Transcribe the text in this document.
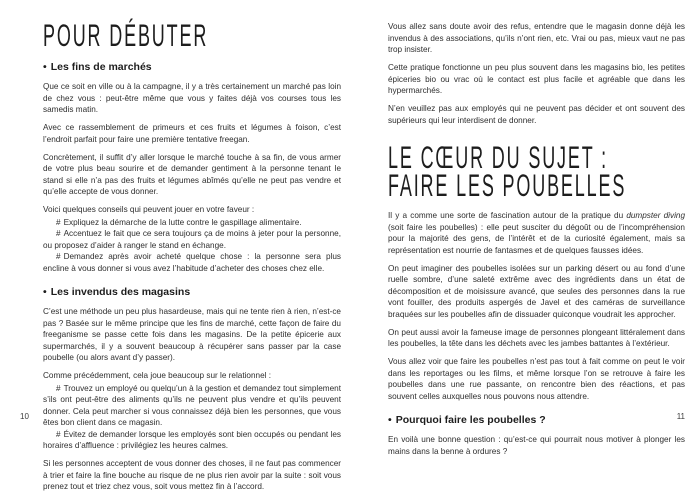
POUR DÉBUTER
• Les fins de marchés

Que ce soit en ville ou à la campagne, il y a très certainement un marché pas loin de chez vous : peut-être même que vous y faites déjà vos courses tous les samedis matin.

Avec ce rassemblement de primeurs et ces fruits et légumes à foison, c’est l’endroit parfait pour faire une première tentative freegan.

Concrètement, il suffit d’y aller lorsque le marché touche à sa fin, de vous armer de votre plus beau sourire et de demander gentiment à la personne tenant le stand si elle n’a pas des fruits et légumes abîmés qu’elle ne peut pas vendre et qu’elle accepte de vous donner.

Voici quelques conseils qui peuvent jouer en votre faveur :

# Expliquez la démarche de la lutte contre le gaspillage alimentaire.
# Accentuez le fait que ce sera toujours ça de moins à jeter pour la personne, ou proposez d’aider à ranger le stand en échange.
# Demandez après avoir acheté quelque chose : la personne sera plus encline à vous donner si vous avez l’habitude d’acheter des choses chez elle.
• Les invendus des magasins

C’est une méthode un peu plus hasardeuse, mais qui ne tente rien à rien, n’est-ce pas ? Basée sur le même principe que les fins de marché, cette façon de faire du freeganisme se passe cette fois dans les magasins. De la petite épicerie aux supermarchés, il y a souvent beaucoup à récupérer sans passer par la case poubelle (ou alors avant d’y passer).

Comme précédemment, cela joue beaucoup sur le relationnel :

# Trouvez un employé ou quelqu’un à la gestion et demandez tout simplement s’ils ont peut-être des aliments qu’ils ne peuvent plus vendre et qu’ils peuvent donner. Cela peut marcher si vous connaissez déjà bien les personnes, que vous êtes bon client dans ce magasin.
# Évitez de demander lorsque les employés sont bien occupés ou pendant les horaires d’affluence : privilégiez les heures calmes.

Si les personnes acceptent de vous donner des choses, il ne faut pas commencer à trier et faire la fine bouche au risque de ne plus rien avoir par la suite : soit vous prenez tout et triez chez vous, soit vous mettez fin à l’accord.

Vous allez sans doute avoir des refus, entendre que le magasin donne déjà les invendus à des associations, qu’ils n’ont rien, etc. Vrai ou pas, mieux vaut ne pas trop insister.

Cette pratique fonctionne un peu plus souvent dans les magasins bio, les petites épiceries bio ou vrac où le contact est plus facile et agréable que dans les hypermarchés.

N’en veuillez pas aux employés qui ne peuvent pas décider et ont souvent des supérieurs qui leur interdisent de donner.

LE CŒUR DU SUJET :
FAIRE LES POUBELLES

Il y a comme une sorte de fascination autour de la pratique du dumpster diving (soit faire les poubelles) : elle peut susciter du dégoût ou de l’incompréhension pour la majorité des gens, de l’intérêt et de la curiosité également, mais sa représentation est nourrie de fantasmes et de quelques fausses idées.

On peut imaginer des poubelles isolées sur un parking désert ou au fond d’une ruelle sombre, d’une saleté extrême avec des ingrédients dans un état de décomposition et de moisissure avancé, que seules des personnes dans la rue vont fouiller, des produits aspergés de Javel et des caméras de surveillance braquées sur les poubelles afin de dissuader quiconque voudrait les approcher.

On peut aussi avoir la fameuse image de personnes plongeant littéralement dans les poubelles, la tête dans les déchets avec les jambes battantes à l’extérieur.

Vous allez voir que faire les poubelles n’est pas tout à fait comme on peut le voir dans les reportages ou les films, et même lorsque l’on se retrouve à faire les poubelles dans une rue passante, on rencontre bien des réactions, et pas souvent celles auxquelles nous pouvons nous attendre.

• Pourquoi faire les poubelles ?

En voilà une bonne question : qu’est-ce qui pourrait nous motiver à plonger les mains dans la benne à ordures ?

10	11
